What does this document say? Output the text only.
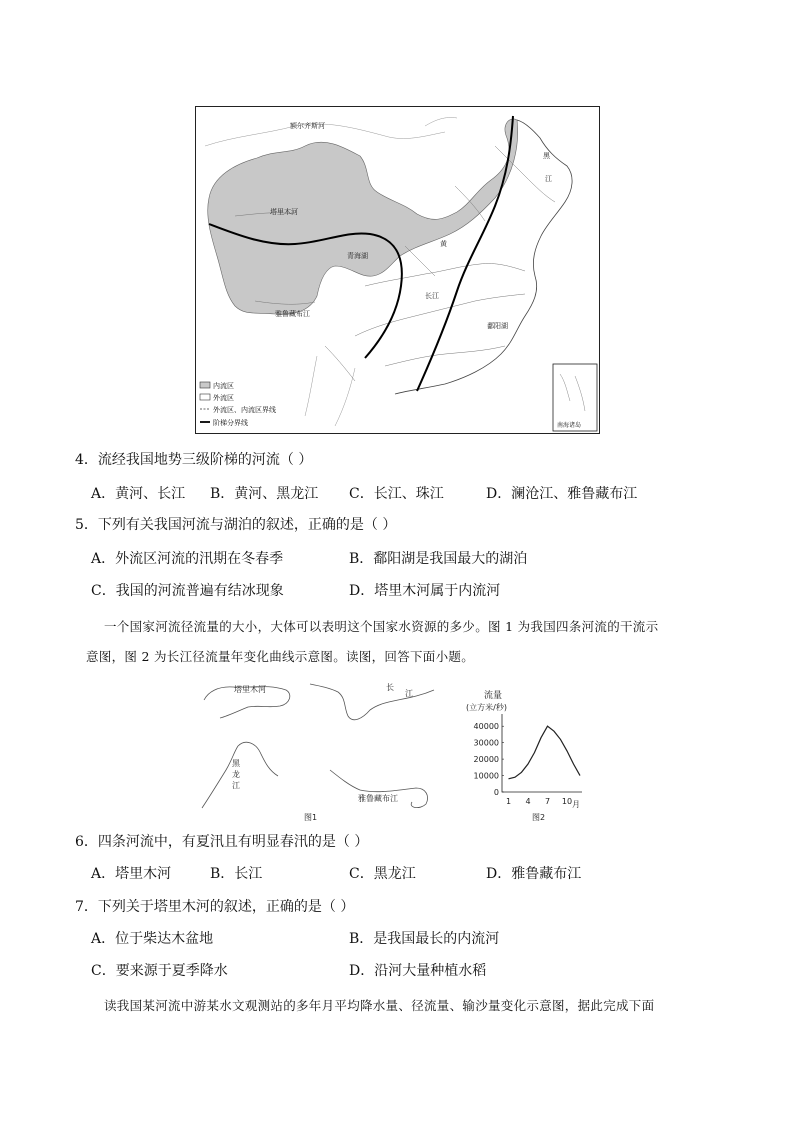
额尔齐斯河
塔里木河
雅鲁藏布江
青海湖
黑
江
黄
鄱阳湖
长江
内流区
外流区
外流区、内流区界线
阶梯分界线	南海诸岛
4．流经我国地势三级阶梯的河流（ ）
A．黄河、长江 B．黄河、黑龙江 C．长江、珠江	D．澜沧江、雅鲁藏布江
5．下列有关我国河流与湖泊的叙述，正确的是（ ）
A．外流区河流的汛期在冬春季	B．鄱阳湖是我国最大的湖泊
C．我国的河流普遍有结冰现象	D．塔里木河属于内流河
一个国家河流径流量的大小，大体可以表明这个国家水资源的多少。图 1 为我国四条河流的干流示
意图，图 2 为长江径流量年变化曲线示意图。读图，回答下面小题。
塔里木河	长
江
黑
龙
江
雅鲁藏布江
图1
流量
(立方米/秒)
0
10000
20000
30000
40000
1 4 7 10 月
图2
6．四条河流中，有夏汛且有明显春汛的是（ ）
A．塔里木河	B．长江	C．黑龙江	D．雅鲁藏布江
7．下列关于塔里木河的叙述，正确的是（ ）
A．位于柴达木盆地	B．是我国最长的内流河
C．要来源于夏季降水	D．沿河大量种植水稻
读我国某河流中游某水文观测站的多年月平均降水量、径流量、输沙量变化示意图，据此完成下面
